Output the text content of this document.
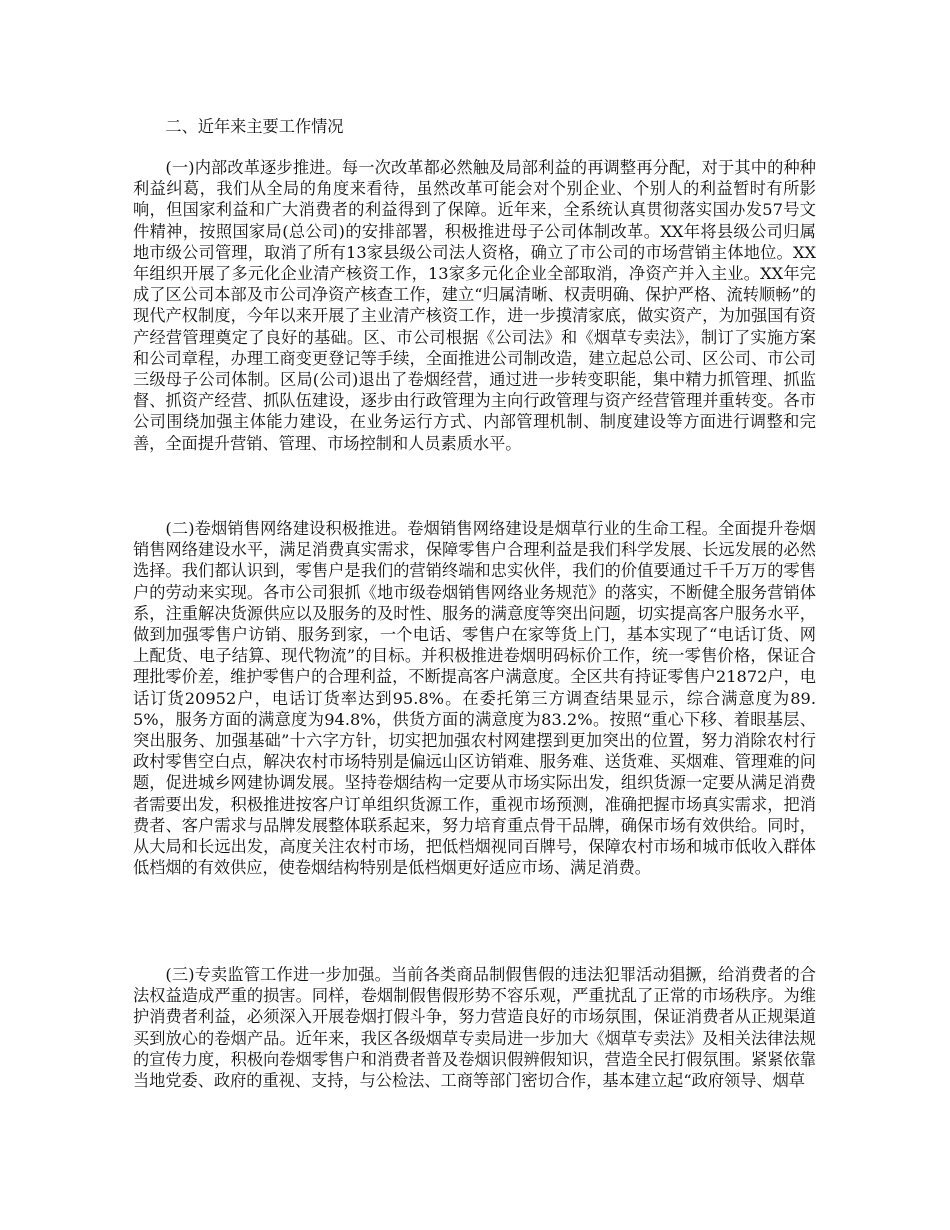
二、近年来主要工作情况

(一)内部改革逐步推进。每一次改革都必然触及局部利益的再调整再分配，对于其中的种种利益纠葛，我们从全局的角度来看待，虽然改革可能会对个别企业、个别人的利益暂时有所影响，但国家利益和广大消费者的利益得到了保障。近年来，全系统认真贯彻落实国办发57号文件精神，按照国家局(总公司)的安排部署，积极推进母子公司体制改革。XX年将县级公司归属地市级公司管理，取消了所有13家县级公司法人资格，确立了市公司的市场营销主体地位。XX年组织开展了多元化企业清产核资工作，13家多元化企业全部取消，净资产并入主业。XX年完成了区公司本部及市公司净资产核查工作，建立“归属清晰、权责明确、保护严格、流转顺畅”的现代产权制度，今年以来开展了主业清产核资工作，进一步摸清家底，做实资产，为加强国有资产经营管理奠定了良好的基础。区、市公司根据《公司法》和《烟草专卖法》，制订了实施方案和公司章程，办理工商变更登记等手续，全面推进公司制改造，建立起总公司、区公司、市公司三级母子公司体制。区局(公司)退出了卷烟经营，通过进一步转变职能，集中精力抓管理、抓监督、抓资产经营、抓队伍建设，逐步由行政管理为主向行政管理与资产经营管理并重转变。各市公司围绕加强主体能力建设，在业务运行方式、内部管理机制、制度建设等方面进行调整和完善，全面提升营销、管理、市场控制和人员素质水平。

(二)卷烟销售网络建设积极推进。卷烟销售网络建设是烟草行业的生命工程。全面提升卷烟销售网络建设水平，满足消费真实需求，保障零售户合理利益是我们科学发展、长远发展的必然选择。我们都认识到，零售户是我们的营销终端和忠实伙伴，我们的价值要通过千千万万的零售户的劳动来实现。各市公司狠抓《地市级卷烟销售网络业务规范》的落实，不断健全服务营销体系，注重解决货源供应以及服务的及时性、服务的满意度等突出问题，切实提高客户服务水平，做到加强零售户访销、服务到家，一个电话、零售户在家等货上门，基本实现了“电话订货、网上配货、电子结算、现代物流”的目标。并积极推进卷烟明码标价工作，统一零售价格，保证合理批零价差，维护零售户的合理利益，不断提高客户满意度。全区共有持证零售户21872户，电话订货20952户，电话订货率达到95.8%。在委托第三方调查结果显示，综合满意度为89.5%，服务方面的满意度为94.8%，供货方面的满意度为83.2%。按照“重心下移、着眼基层、突出服务、加强基础”十六字方针，切实把加强农村网建摆到更加突出的位置，努力消除农村行政村零售空白点，解决农村市场特别是偏远山区访销难、服务难、送货难、买烟难、管理难的问题，促进城乡网建协调发展。坚持卷烟结构一定要从市场实际出发，组织货源一定要从满足消费者需要出发，积极推进按客户订单组织货源工作，重视市场预测，准确把握市场真实需求，把消费者、客户需求与品牌发展整体联系起来，努力培育重点骨干品牌，确保市场有效供给。同时，从大局和长远出发，高度关注农村市场，把低档烟视同百牌号，保障农村市场和城市低收入群体低档烟的有效供应，使卷烟结构特别是低档烟更好适应市场、满足消费。

(三)专卖监管工作进一步加强。当前各类商品制假售假的违法犯罪活动猖撅，给消费者的合法权益造成严重的损害。同样，卷烟制假售假形势不容乐观，严重扰乱了正常的市场秩序。为维护消费者利益，必须深入开展卷烟打假斗争，努力营造良好的市场氛围，保证消费者从正规渠道买到放心的卷烟产品。近年来，我区各级烟草专卖局进一步加大《烟草专卖法》及相关法律法规的宣传力度，积极向卷烟零售户和消费者普及卷烟识假辨假知识，营造全民打假氛围。紧紧依靠当地党委、政府的重视、支持，与公检法、工商等部门密切合作，基本建立起“政府领导、烟草
